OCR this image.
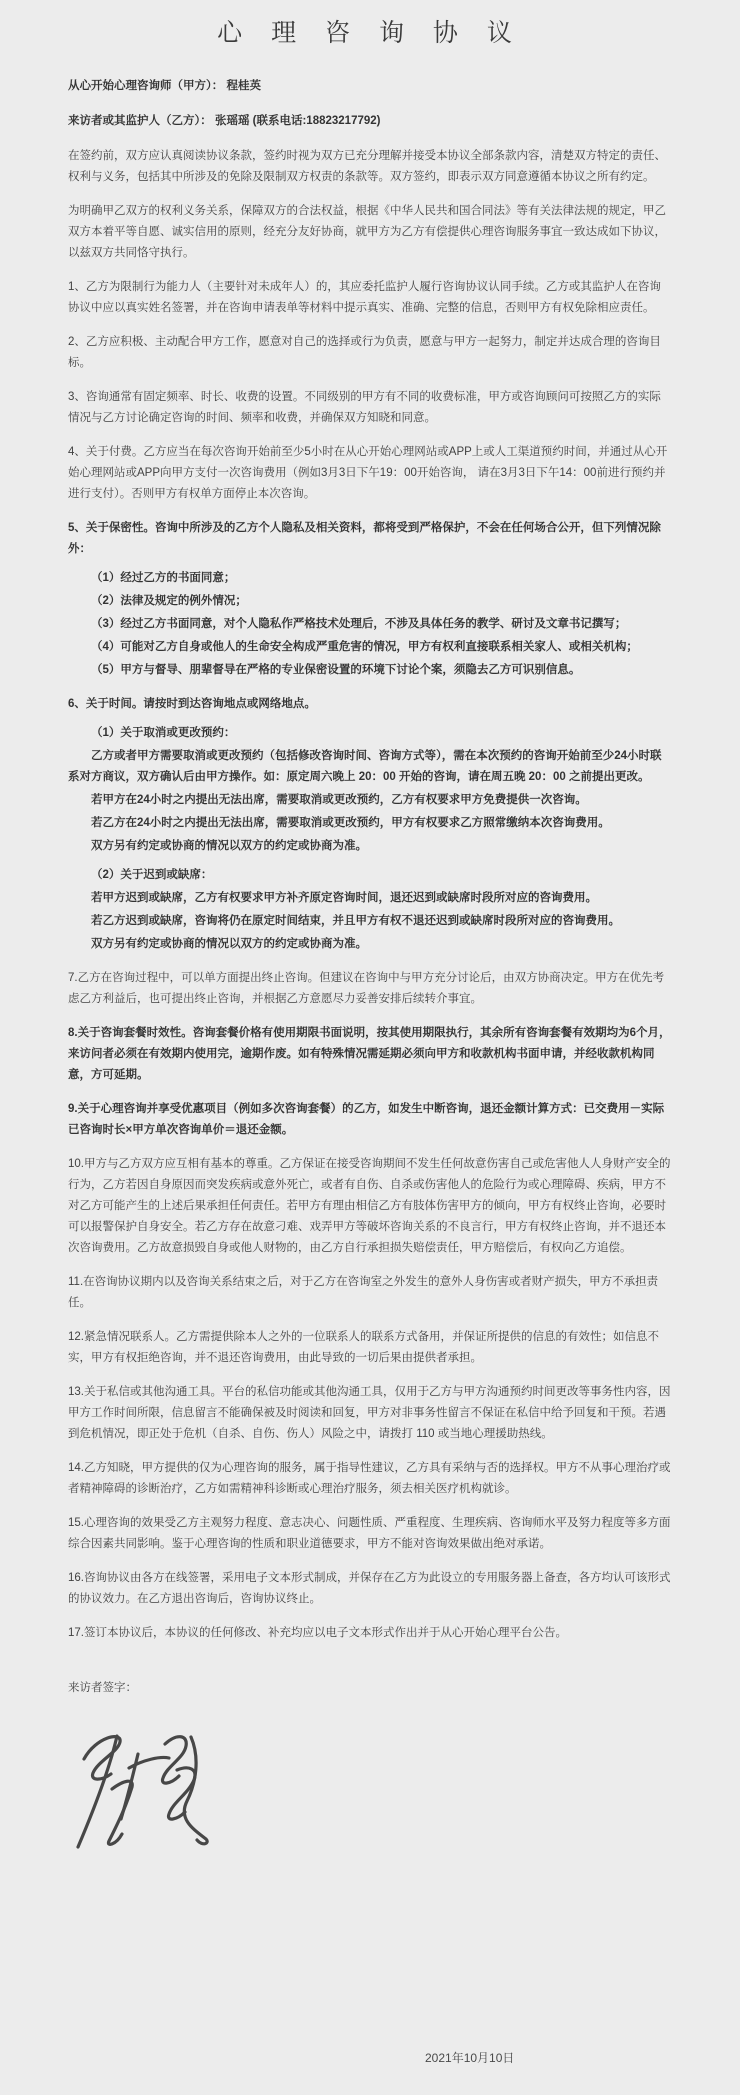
心 理 咨 询 协 议

从心开始心理咨询师（甲方）： 程桂英

来访者或其监护人（乙方）： 张瑶瑶 (联系电话:18823217792)

在签约前，双方应认真阅读协议条款，签约时视为双方已充分理解并接受本协议全部条款内容，清楚双方特定的责任、权利与义务，包括其中所涉及的免除及限制双方权责的条款等。双方签约，即表示双方同意遵循本协议之所有约定。

为明确甲乙双方的权利义务关系，保障双方的合法权益，根据《中华人民共和国合同法》等有关法律法规的规定，甲乙双方本着平等自愿、诚实信用的原则，经充分友好协商，就甲方为乙方有偿提供心理咨询服务事宜一致达成如下协议，以兹双方共同恪守执行。

1、乙方为限制行为能力人（主要针对未成年人）的，其应委托监护人履行咨询协议认同手续。乙方或其监护人在咨询协议中应以真实姓名签署，并在咨询申请表单等材料中提示真实、准确、完整的信息，否则甲方有权免除相应责任。

2、乙方应积极、主动配合甲方工作，愿意对自己的选择或行为负责，愿意与甲方一起努力，制定并达成合理的咨询目标。

3、咨询通常有固定频率、时长、收费的设置。不同级别的甲方有不同的收费标准，甲方或咨询顾问可按照乙方的实际情况与乙方讨论确定咨询的时间、频率和收费，并确保双方知晓和同意。

4、关于付费。乙方应当在每次咨询开始前至少5小时在从心开始心理网站或APP上或人工渠道预约时间，并通过从心开始心理网站或APP向甲方支付一次咨询费用（例如3月3日下午19：00开始咨询， 请在3月3日下午14：00前进行预约并进行支付）。否则甲方有权单方面停止本次咨询。

5、关于保密性。咨询中所涉及的乙方个人隐私及相关资料，都将受到严格保护，不会在任何场合公开，但下列情况除外：

（1）经过乙方的书面同意；

（2）法律及规定的例外情况；

（3）经过乙方书面同意，对个人隐私作严格技术处理后，不涉及具体任务的教学、研讨及文章书记撰写；

（4）可能对乙方自身或他人的生命安全构成严重危害的情况，甲方有权利直接联系相关家人、或相关机构；

（5）甲方与督导、朋辈督导在严格的专业保密设置的环境下讨论个案，须隐去乙方可识别信息。

6、关于时间。请按时到达咨询地点或网络地点。

（1）关于取消或更改预约：

乙方或者甲方需要取消或更改预约（包括修改咨询时间、咨询方式等），需在本次预约的咨询开始前至少24小时联系对方商议，双方确认后由甲方操作。如：原定周六晚上 20：00 开始的咨询，请在周五晚 20：00 之前提出更改。

若甲方在24小时之内提出无法出席，需要取消或更改预约，乙方有权要求甲方免费提供一次咨询。

若乙方在24小时之内提出无法出席，需要取消或更改预约，甲方有权要求乙方照常缴纳本次咨询费用。

双方另有约定或协商的情况以双方的约定或协商为准。

（2）关于迟到或缺席：

若甲方迟到或缺席，乙方有权要求甲方补齐原定咨询时间，退还迟到或缺席时段所对应的咨询费用。

若乙方迟到或缺席，咨询将仍在原定时间结束，并且甲方有权不退还迟到或缺席时段所对应的咨询费用。

双方另有约定或协商的情况以双方的约定或协商为准。

7.乙方在咨询过程中，可以单方面提出终止咨询。但建议在咨询中与甲方充分讨论后，由双方协商决定。甲方在优先考虑乙方利益后，也可提出终止咨询，并根据乙方意愿尽力妥善安排后续转介事宜。

8.关于咨询套餐时效性。咨询套餐价格有使用期限书面说明，按其使用期限执行，其余所有咨询套餐有效期均为6个月，来访问者必须在有效期内使用完，逾期作废。如有特殊情况需延期必须向甲方和收款机构书面申请，并经收款机构同意，方可延期。

9.关于心理咨询并享受优惠项目（例如多次咨询套餐）的乙方，如发生中断咨询，退还金额计算方式：已交费用－实际已咨询时长×甲方单次咨询单价＝退还金额。

10.甲方与乙方双方应互相有基本的尊重。乙方保证在接受咨询期间不发生任何故意伤害自己或危害他人人身财产安全的行为，乙方若因自身原因而突发疾病或意外死亡，或者有自伤、自杀或伤害他人的危险行为或心理障碍、疾病，甲方不对乙方可能产生的上述后果承担任何责任。若甲方有理由相信乙方有肢体伤害甲方的倾向，甲方有权终止咨询，必要时可以报警保护自身安全。若乙方存在故意刁难、戏弄甲方等破坏咨询关系的不良言行，甲方有权终止咨询，并不退还本次咨询费用。乙方故意损毁自身或他人财物的，由乙方自行承担损失赔偿责任，甲方赔偿后，有权向乙方追偿。

11.在咨询协议期内以及咨询关系结束之后，对于乙方在咨询室之外发生的意外人身伤害或者财产损失，甲方不承担责任。

12.紧急情况联系人。乙方需提供除本人之外的一位联系人的联系方式备用，并保证所提供的信息的有效性；如信息不实，甲方有权拒绝咨询，并不退还咨询费用，由此导致的一切后果由提供者承担。

13.关于私信或其他沟通工具。平台的私信功能或其他沟通工具，仅用于乙方与甲方沟通预约时间更改等事务性内容，因甲方工作时间所限，信息留言不能确保被及时阅读和回复，甲方对非事务性留言不保证在私信中给予回复和干预。若遇到危机情况，即正处于危机（自杀、自伤、伤人）风险之中，请拨打 110 或当地心理援助热线。

14.乙方知晓，甲方提供的仅为心理咨询的服务，属于指导性建议，乙方具有采纳与否的选择权。甲方不从事心理治疗或者精神障碍的诊断治疗，乙方如需精神科诊断或心理治疗服务，须去相关医疗机构就诊。

15.心理咨询的效果受乙方主观努力程度、意志决心、问题性质、严重程度、生理疾病、咨询师水平及努力程度等多方面综合因素共同影响。鉴于心理咨询的性质和职业道德要求，甲方不能对咨询效果做出绝对承诺。

16.咨询协议由各方在线签署，采用电子文本形式制成，并保存在乙方为此设立的专用服务器上备查，各方均认可该形式的协议效力。在乙方退出咨询后，咨询协议终止。

17.签订本协议后，本协议的任何修改、补充均应以电子文本形式作出并于从心开始心理平台公告。

来访者签字：

2021年10月10日
